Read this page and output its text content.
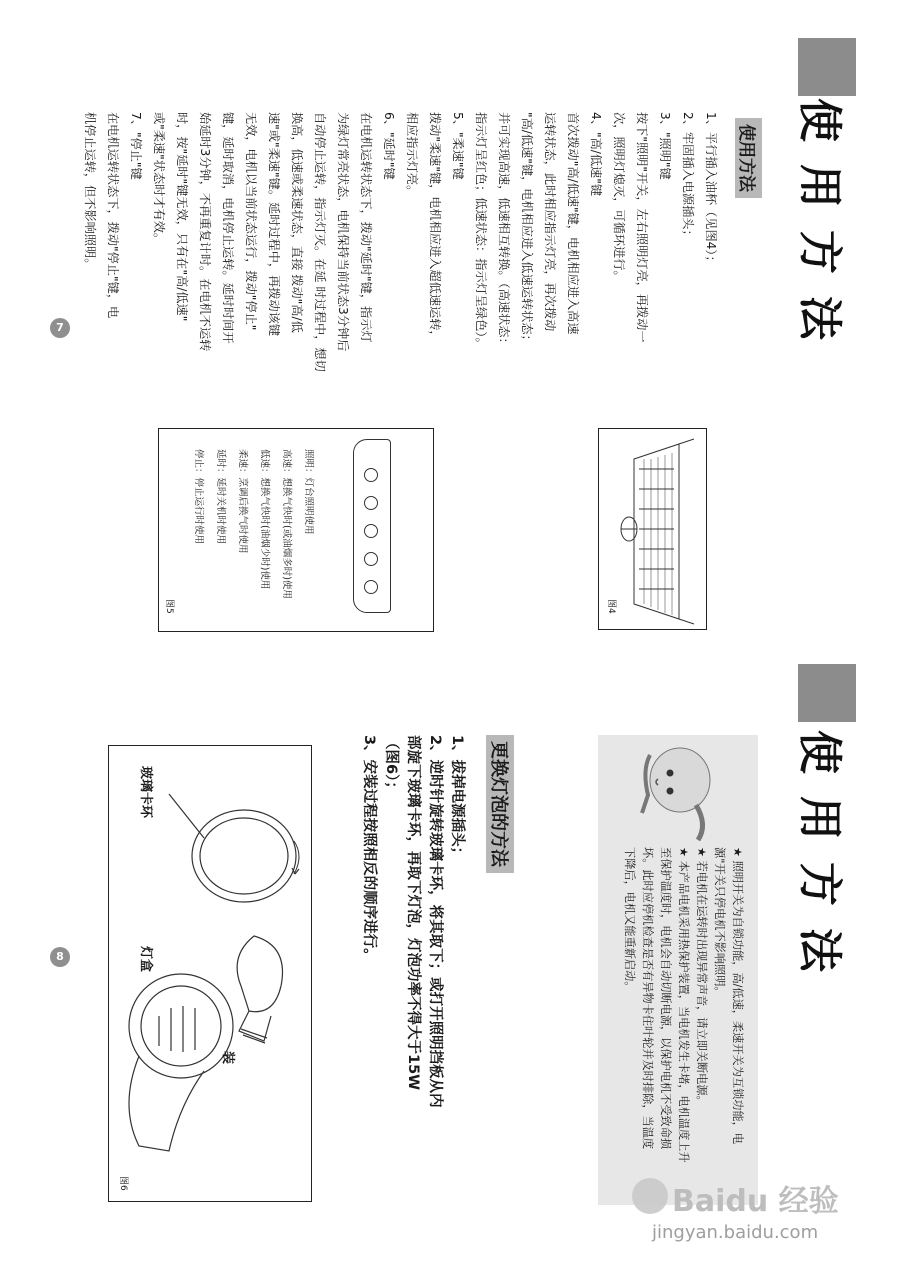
使用方法
使用方法
1、平行插入油杯（见图4）；
2、牢固插入电源插头；
3、"照明"键
按下"照明"开关，左右照明灯亮，再拨动一
次，照明灯熄灭，可循环进行。
4、"高/低速"键
首次拨动"高/低速"键，电机相应进入高速
运转状态，此时相应指示灯亮，再次拨动
"高/低速"键，电机相应进入低速运转状态；
并可实现高速，低速相互转换。（高速状态：
指示灯呈红色；低速状态：指示灯呈绿色）。
5、"柔速"键
拨动"柔速"键，电机相应进入超低速运转，
相应指示灯亮。
6、"延时"键
在电机运转状态下，拨动"延时"键，指示灯
为绿灯常亮状态，电机保持当前状态3分钟后
自动停止运转，指示灯灭。在延 时过程中，想切
换高，低速或柔速状态，直接 拨动"高/低
速"或"柔速"键。延时过程中，再拨动该键
无效，电机以当前状态运行，拨动"停止"
键，延时取消，电机停止运转。延时时间开
始延时3分钟，不再重复计时。在电机不运转
时，按"延时"键无效，只有在"高/低速"
或"柔速"状态时才有效。
7、"停止"键
在电机运转状态下，拨动"停止"键，电
机停止运转，但不影响照明。
图4
照明：灯台照明使用
高速：想换气快时(或油烟多时)使用
低速：想换气快时(油烟少时)使用
柔速：烹调后换气时使用
延时：延时关机时使用
停止：停止运行时使用
图5
7
使用方法
★ 照明开关为自锁功能，高/低速，柔速开关为互锁功能，电
源"开关只停电机不影响照明。
★ 若电机在运转时出现异常声音，请立即关断电源。
★ 本产品电机采用热保护装置，当电机发生卡堵，电机温度上升
至保护温度时，电机会自动切断电源，以保护电机不受致命损
坏。此时应停机检查是否有异物卡住叶轮并及时排除，当温度
下降后，电机又能重新启动。
更换灯泡的方法
1、拔掉电源插头；
2、逆时针旋转玻璃卡环，将其取下；或打开照明挡板从内
部旋下玻璃卡环，再取下灯泡，灯泡功率不得大于15W
（图6）；
3、安装过程按照相反的顺序进行。
玻璃卡环
灯盒
装
图6
8
Baidu 经验
jingyan.baidu.com
